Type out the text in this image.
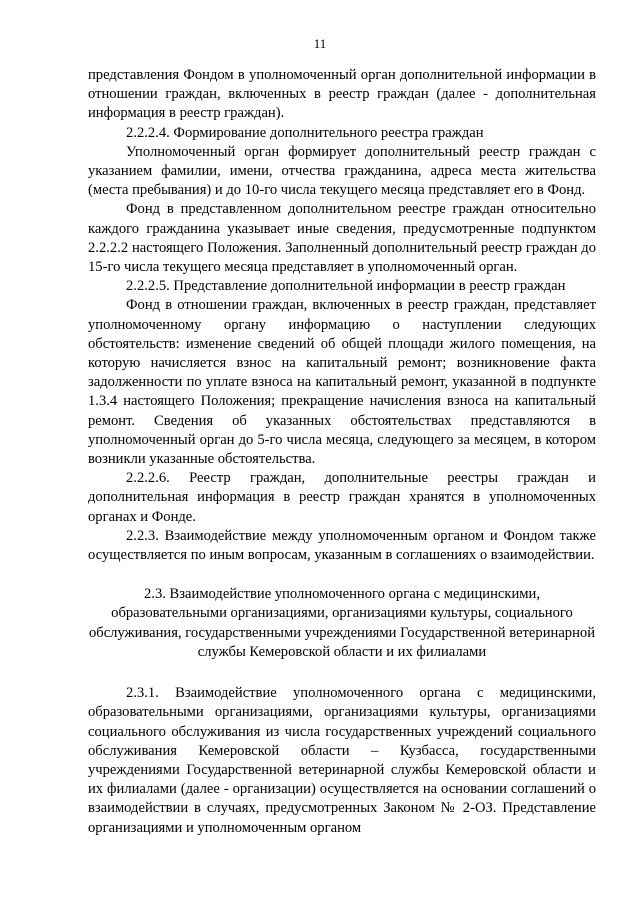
11

представления Фондом в уполномоченный орган дополнительной информации в отношении граждан, включенных в реестр граждан (далее - дополнительная информация в реестр граждан).

2.2.2.4. Формирование дополнительного реестра граждан

Уполномоченный орган формирует дополнительный реестр граждан с указанием фамилии, имени, отчества гражданина, адреса места жительства (места пребывания) и до 10-го числа текущего месяца представляет его в Фонд.

Фонд в представленном дополнительном реестре граждан относительно каждого гражданина указывает иные сведения, предусмотренные подпунктом 2.2.2.2 настоящего Положения. Заполненный дополнительный реестр граждан до 15-го числа текущего месяца представляет в уполномоченный орган.

2.2.2.5. Представление дополнительной информации в реестр граждан

Фонд в отношении граждан, включенных в реестр граждан, представляет уполномоченному органу информацию о наступлении следующих обстоятельств: изменение сведений об общей площади жилого помещения, на которую начисляется взнос на капитальный ремонт; возникновение факта задолженности по уплате взноса на капитальный ремонт, указанной в подпункте 1.3.4 настоящего Положения; прекращение начисления взноса на капитальный ремонт. Сведения об указанных обстоятельствах представляются в уполномоченный орган до 5-го числа месяца, следующего за месяцем, в котором возникли указанные обстоятельства.

2.2.2.6. Реестр граждан, дополнительные реестры граждан и дополнительная информация в реестр граждан хранятся в уполномоченных органах и Фонде.

2.2.3. Взаимодействие между уполномоченным органом и Фондом также осуществляется по иным вопросам, указанным в соглашениях о взаимодействии.

2.3. Взаимодействие уполномоченного органа с медицинскими, образовательными организациями, организациями культуры, социального обслуживания, государственными учреждениями Государственной ветеринарной службы Кемеровской области и их филиалами

2.3.1. Взаимодействие уполномоченного органа с медицинскими, образовательными организациями, организациями культуры, организациями социального обслуживания из числа государственных учреждений социального обслуживания Кемеровской области – Кузбасса, государственными учреждениями Государственной ветеринарной службы Кемеровской области и их филиалами (далее - организации) осуществляется на основании соглашений о взаимодействии в случаях, предусмотренных Законом № 2-ОЗ. Представление организациями и уполномоченным органом
